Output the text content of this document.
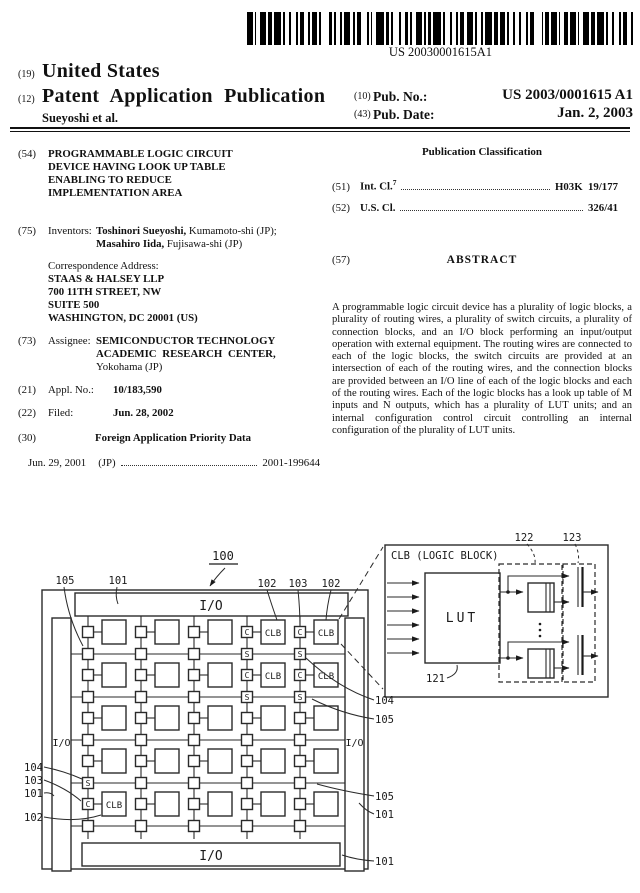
US 20030001615A1
(19) United States
(12) Patent Application Publication	(10) Pub. No.:	US 2003/0001615 A1
(43) Pub. Date:	Jan. 2, 2003
Sueyoshi et al.
(54) PROGRAMMABLE LOGIC CIRCUIT DEVICE HAVING LOOK UP TABLE ENABLING TO REDUCE IMPLEMENTATION AREA
(75) Inventors: Toshinori Sueyoshi, Kumamoto-shi (JP); Masahiro Iida, Fujisawa-shi (JP)
Correspondence Address:
STAAS & HALSEY LLP
700 11TH STREET, NW
SUITE 500
WASHINGTON, DC 20001 (US)
(73) Assignee: SEMICONDUCTOR TECHNOLOGY
ACADEMIC RESEARCH CENTER,
Yokohama (JP)
(21) Appl. No.: 10/183,590
(22) Filed:	Jun. 28, 2002
(30)	Foreign Application Priority Data
Jun. 29, 2001 (JP)	2001-199644
Publication Classification
(51) Int. Cl.$^7$	H03K  19/177
(52) U.S. Cl.	326/41
(57)	ABSTRACT
A programmable logic circuit device has a plurality of logic blocks, a plurality of routing wires, a plurality of switch circuits, a plurality of connection blocks, and an I/O block performing an input/output operation with external equipment. The routing wires are connected to each of the logic blocks, the switch circuits are provided at an intersection of each of the routing wires, and the connection blocks are provided between an I/O line of each of the logic blocks and each of the routing wires. Each of the logic blocks has a look up table of M inputs and N outputs, which has a plurality of LUT units; and an internal configuration control circuit controlling an internal configuration of the plurality of LUT units.
CLB
C
S
CLB
C
S
CLB
C
S
CLB
C
S
S
CLB
C
I/O
I/O
I/O	I/O
CLB (LOGIC BLOCK)
LUT
121
122	123
105	101
100
102 103 102
104
103
101
102
104
105
105
101
101
